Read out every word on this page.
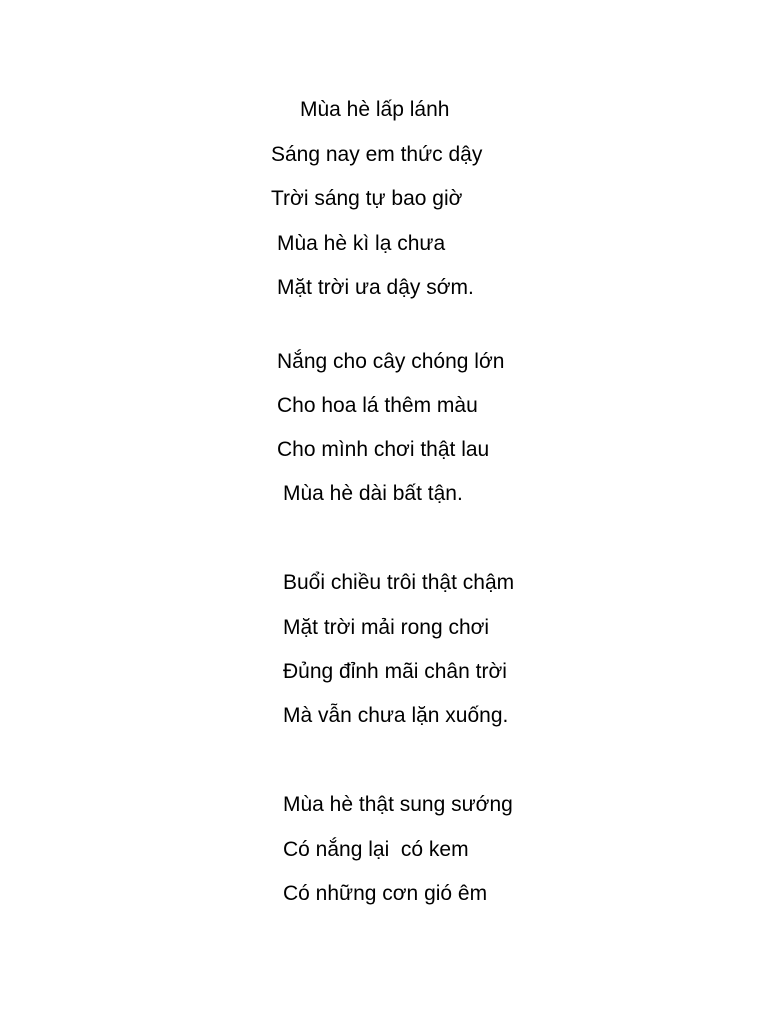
Mùa hè lấp lánh

Sáng nay em thức dậy

Trời sáng tự bao giờ

Mùa hè kì lạ chưa

Mặt trời ưa dậy sớm.

Nắng cho cây chóng lớn

Cho hoa lá thêm màu

Cho mình chơi thật lau

Mùa hè dài bất tận.

Buổi chiều trôi thật chậm

Mặt trời mải rong chơi

Đủng đỉnh mãi chân trời

Mà vẫn chưa lặn xuống.

Mùa hè thật sung sướng

Có nắng lại  có kem

Có những cơn gió êm
